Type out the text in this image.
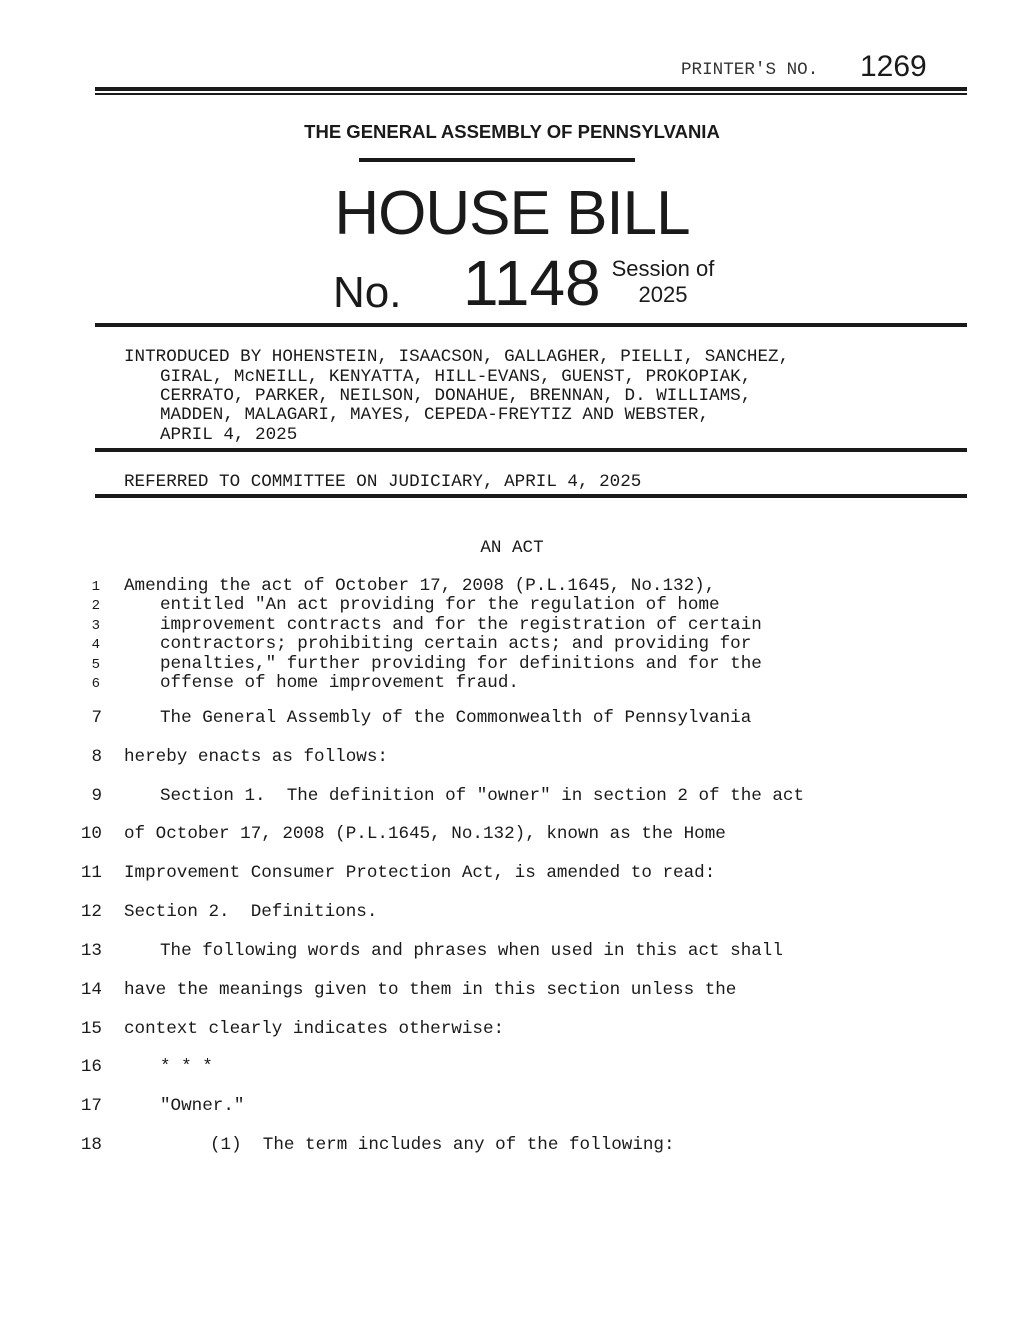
PRINTER'S NO. 1269
THE GENERAL ASSEMBLY OF PENNSYLVANIA
HOUSE BILL
No. 1148 Session of
2025
INTRODUCED BY HOHENSTEIN, ISAACSON, GALLAGHER, PIELLI, SANCHEZ,
GIRAL, McNEILL, KENYATTA, HILL-EVANS, GUENST, PROKOPIAK,
CERRATO, PARKER, NEILSON, DONAHUE, BRENNAN, D. WILLIAMS,
MADDEN, MALAGARI, MAYES, CEPEDA-FREYTIZ AND WEBSTER,
APRIL 4, 2025
REFERRED TO COMMITTEE ON JUDICIARY, APRIL 4, 2025
AN ACT
1 Amending the act of October 17, 2008 (P.L.1645, No.132),
2	entitled "An act providing for the regulation of home
3	improvement contracts and for the registration of certain
4	contractors; prohibiting certain acts; and providing for
5	penalties," further providing for definitions and for the
6	offense of home improvement fraud.
7	The General Assembly of the Commonwealth of Pennsylvania
8 hereby enacts as follows:
9	Section 1.  The definition of "owner" in section 2 of the act
10 of October 17, 2008 (P.L.1645, No.132), known as the Home
11 Improvement Consumer Protection Act, is amended to read:
12 Section 2.  Definitions.
13	The following words and phrases when used in this act shall
14 have the meanings given to them in this section unless the
15 context clearly indicates otherwise:
16	* * *
17	"Owner."
18	(1)  The term includes any of the following:
